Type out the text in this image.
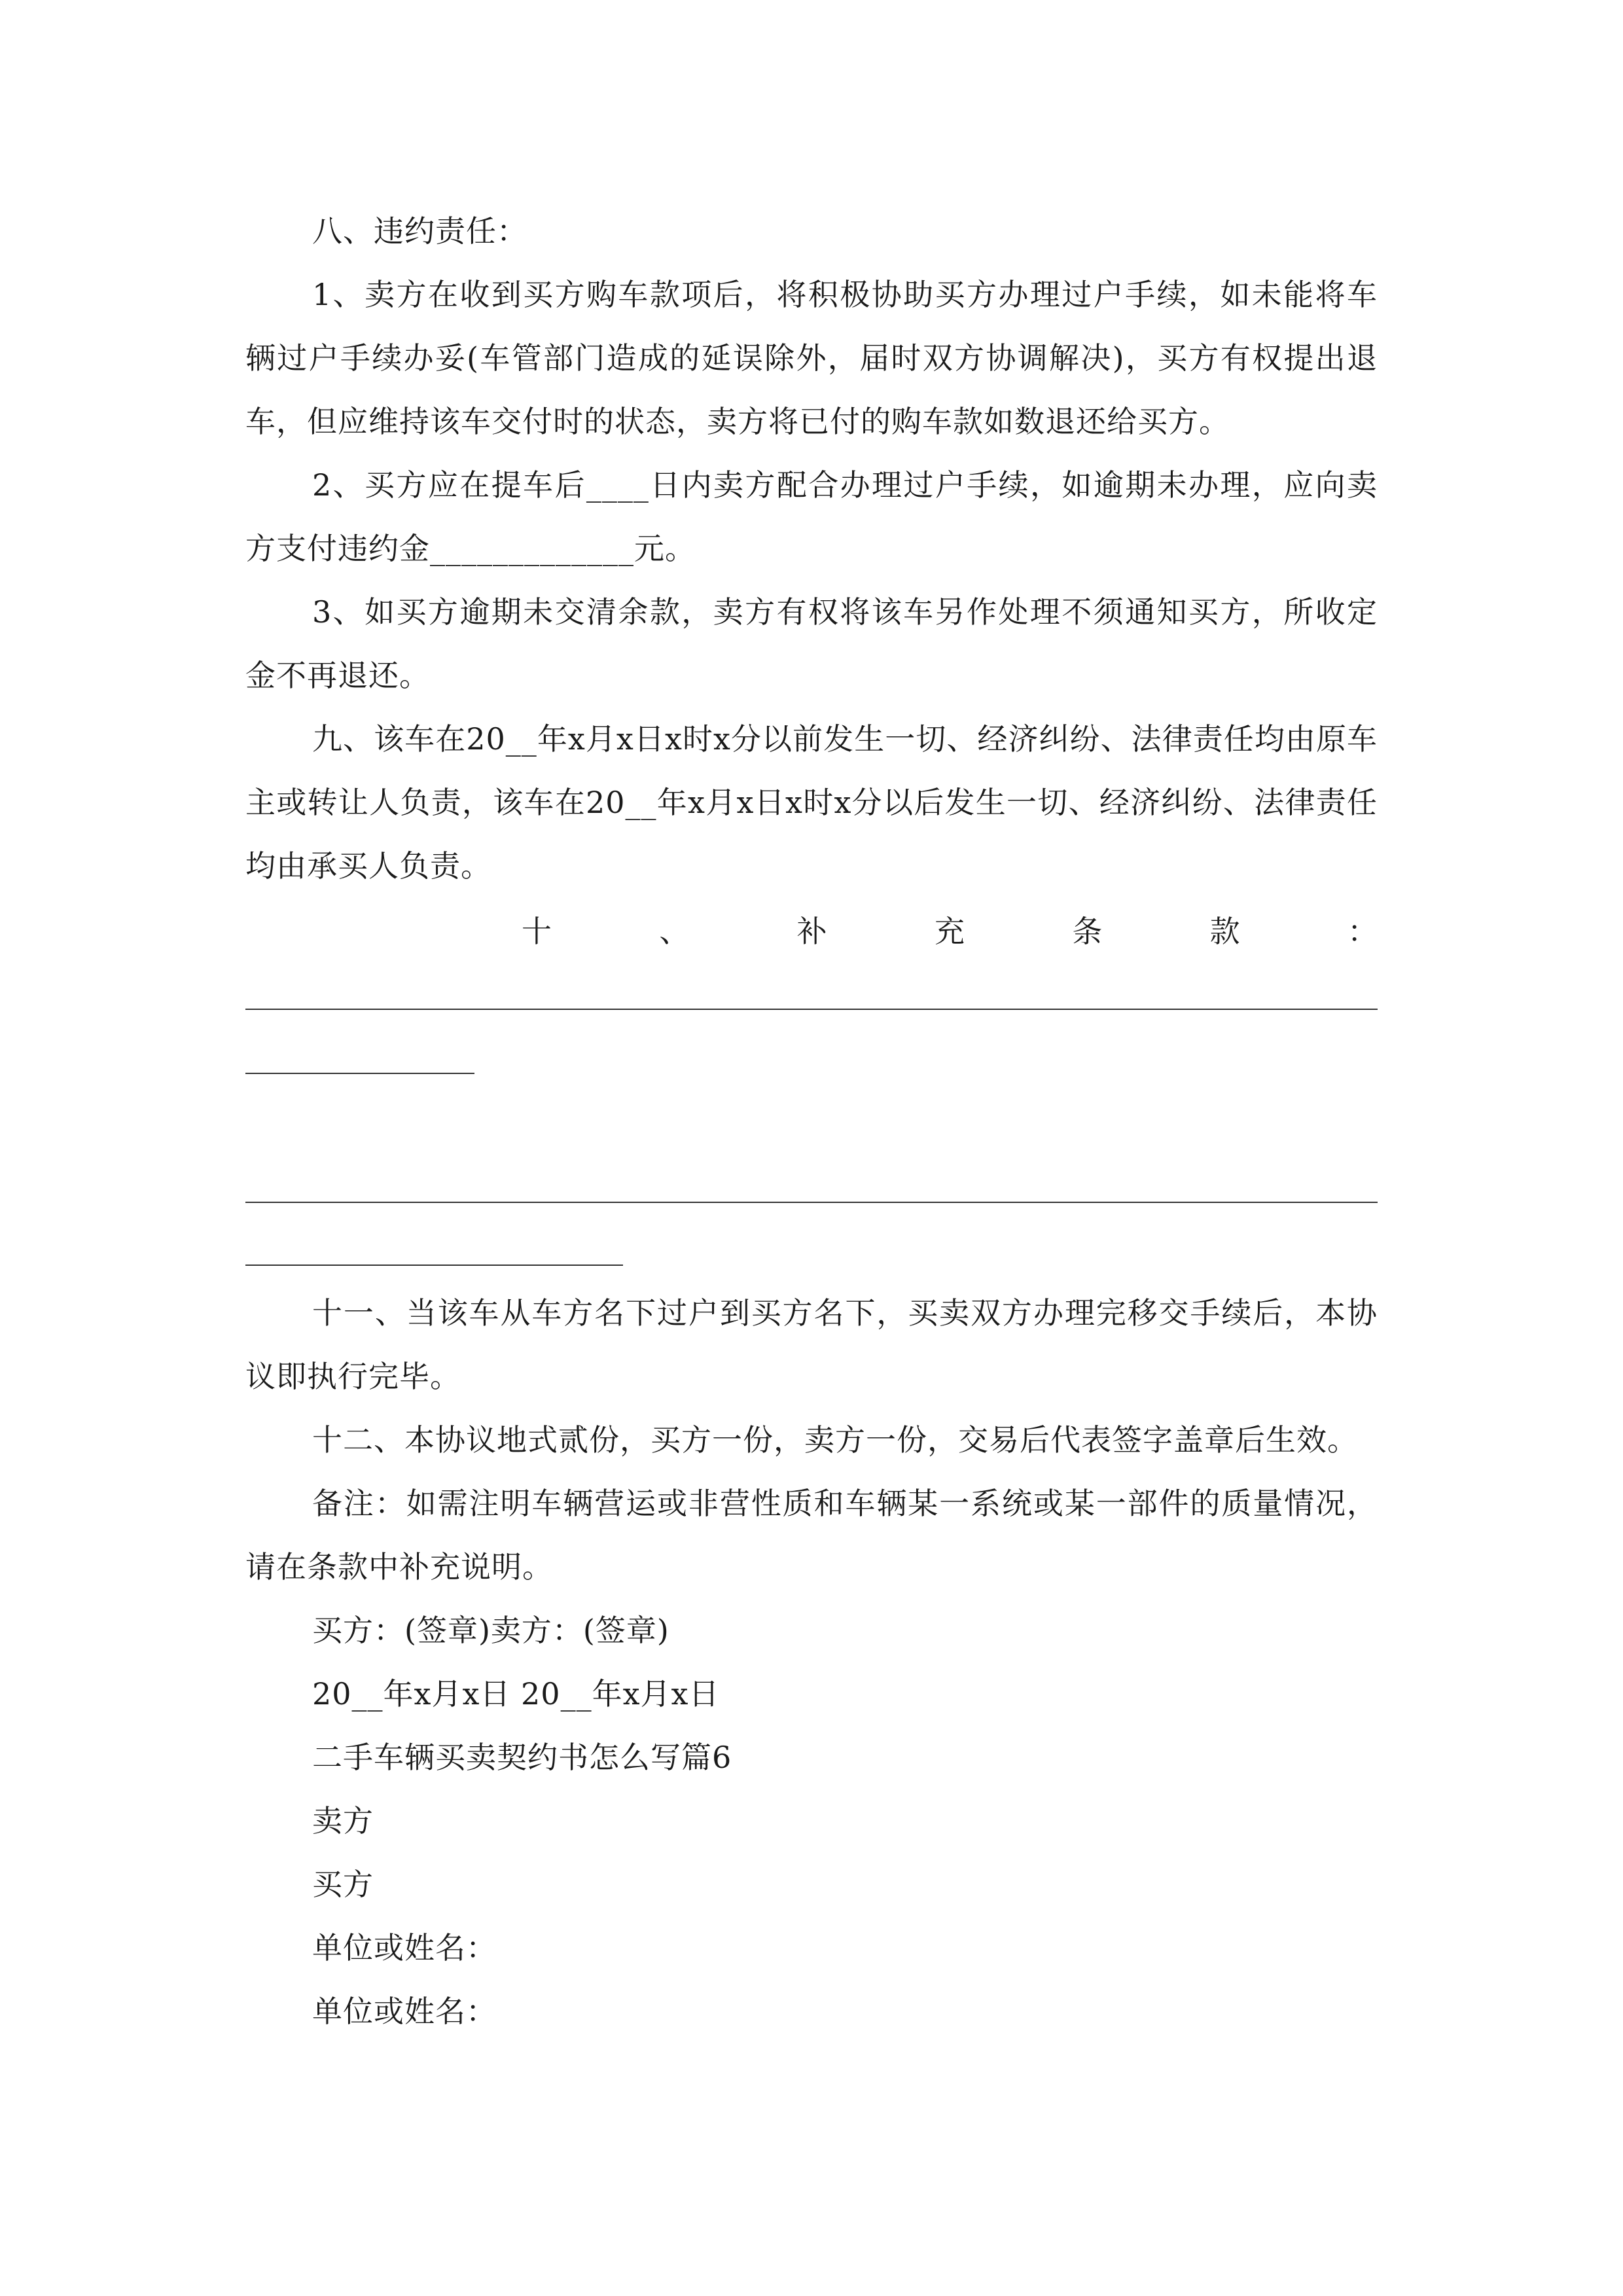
八、违约责任：

1、卖方在收到买方购车款项后，将积极协助买方办理过户手续，如未能将车辆过户手续办妥(车管部门造成的延误除外，届时双方协调解决)，买方有权提出退车，但应维持该车交付时的状态，卖方将已付的购车款如数退还给买方。

2、买方应在提车后____日内卖方配合办理过户手续，如逾期未办理，应向卖方支付违约金_____________元。

3、如买方逾期未交清余款，卖方有权将该车另作处理不须通知买方，所收定金不再退还。

九、该车在20__年x月x日x时x分以前发生一切、经济纠纷、法律责任均由原车主或转让人负责，该车在20__年x月x日x时x分以后发生一切、经济纠纷、法律责任均由承买人负责。

十	、	补	充	条	款	：

十一、当该车从车方名下过户到买方名下，买卖双方办理完移交手续后，本协议即执行完毕。

十二、本协议地式贰份，买方一份，卖方一份，交易后代表签字盖章后生效。

备注：如需注明车辆营运或非营性质和车辆某一系统或某一部件的质量情况，请在条款中补充说明。

买方：(签章)卖方：(签章)

20__年x月x日 20__年x月x日

二手车辆买卖契约书怎么写篇6

卖方

买方

单位或姓名：

单位或姓名：
